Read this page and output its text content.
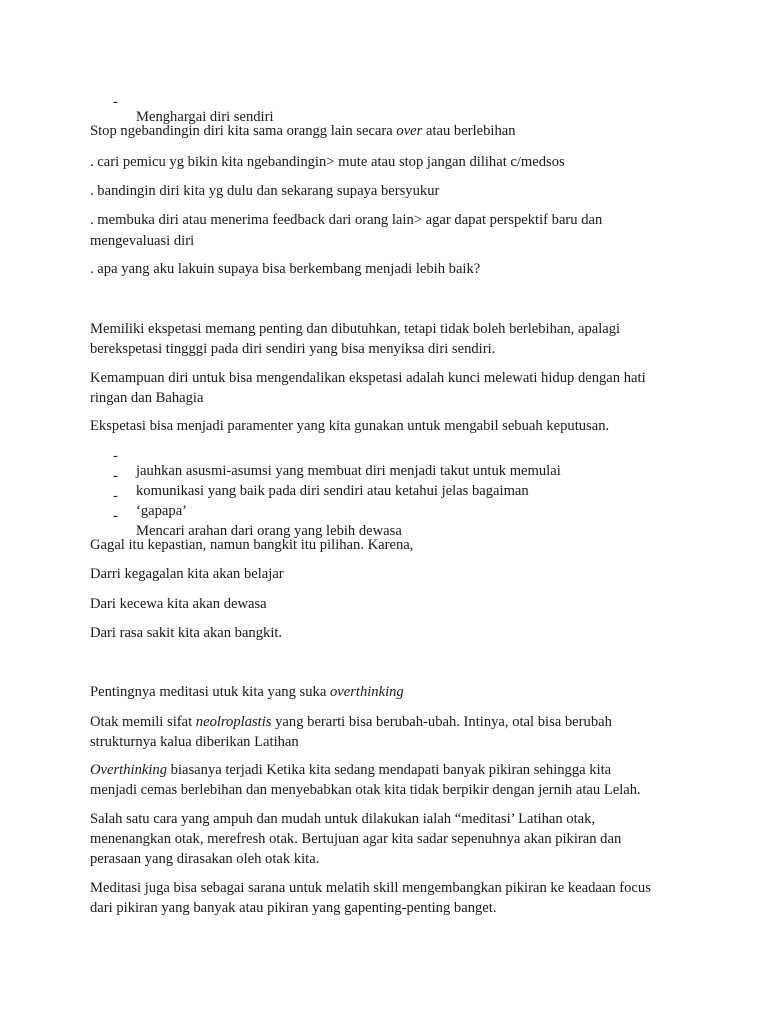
-

Menghargai diri sendiri

Stop ngebandingin diri kita sama orangg lain secara over atau berlebihan

. cari pemicu yg bikin kita ngebandingin> mute atau stop jangan dilihat c/medsos

. bandingin diri kita yg dulu dan sekarang supaya bersyukur

. membuka diri atau menerima feedback dari orang lain> agar dapat perspektif baru dan

mengevaluasi diri

. apa yang aku lakuin supaya bisa berkembang menjadi lebih baik?

Memiliki ekspetasi memang penting dan dibutuhkan, tetapi tidak boleh berlebihan, apalagi

berekspetasi tingggi pada diri sendiri yang bisa menyiksa diri sendiri.

Kemampuan diri untuk bisa mengendalikan ekspetasi adalah kunci melewati hidup dengan hati

ringan dan Bahagia

Ekspetasi bisa menjadi paramenter yang kita gunakan untuk mengabil sebuah keputusan.

-

jauhkan asusmi-asumsi yang membuat diri menjadi takut untuk memulai

-

komunikasi yang baik pada diri sendiri atau ketahui jelas bagaiman

-

‘gapapa’

-

Mencari arahan dari orang yang lebih dewasa

Gagal itu kepastian, namun bangkit itu pilihan. Karena,

Darri kegagalan kita akan belajar

Dari kecewa kita akan dewasa

Dari rasa sakit kita akan bangkit.

Pentingnya meditasi utuk kita yang suka overthinking

Otak memili sifat neolroplastis yang berarti bisa berubah-ubah. Intinya, otal bisa berubah

strukturnya kalua diberikan Latihan

Overthinking biasanya terjadi Ketika kita sedang mendapati banyak pikiran sehingga kita

menjadi cemas berlebihan dan menyebabkan otak kita tidak berpikir dengan jernih atau Lelah.

Salah satu cara yang ampuh dan mudah untuk dilakukan ialah “meditasi’ Latihan otak,

menenangkan otak, merefresh otak. Bertujuan agar kita sadar sepenuhnya akan pikiran dan

perasaan yang dirasakan oleh otak kita.

Meditasi juga bisa sebagai sarana untuk melatih skill mengembangkan pikiran ke keadaan focus

dari pikiran yang banyak atau pikiran yang gapenting-penting banget.
